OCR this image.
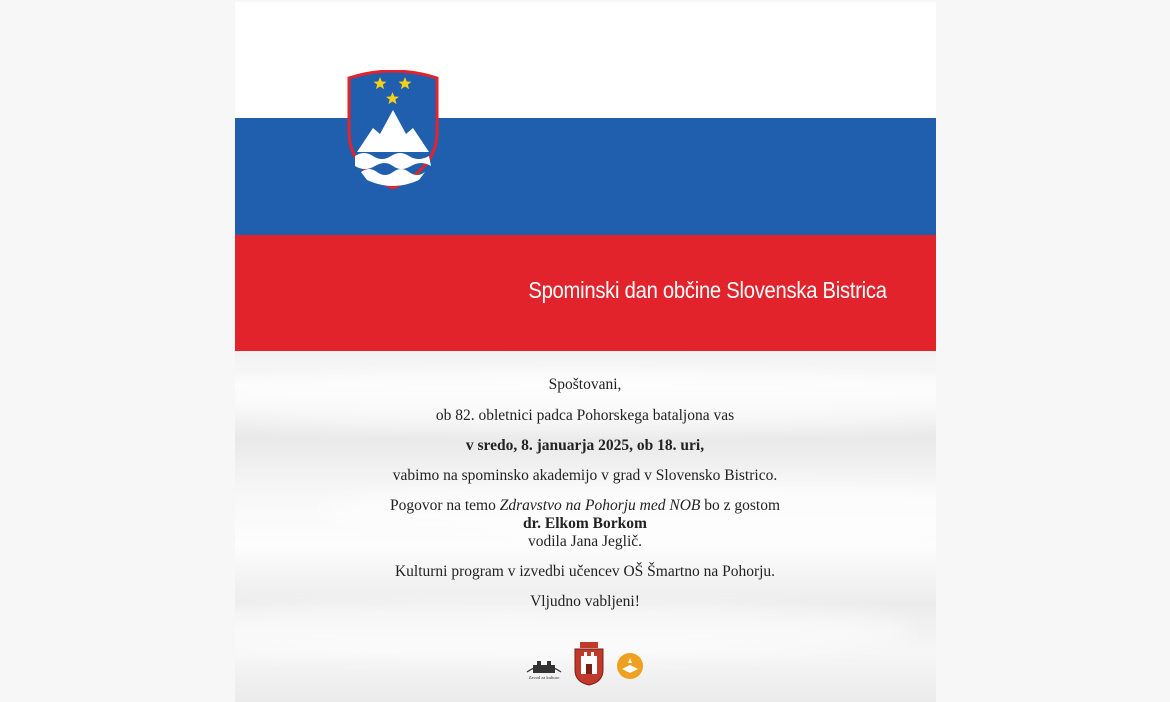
Spominski dan občine Slovenska Bistrica
Zavod za kulturo

Spoštovani,

ob 82. obletnici padca Pohorskega bataljona vas

v sredo, 8. januarja 2025, ob 18. uri,

vabimo na spominsko akademijo v grad v Slovensko Bistrico.

Pogovor na temo Zdravstvo na Pohorju med NOB bo z gostom

dr. Elkom Borkom

vodila Jana Jeglič.

Kulturni program v izvedbi učencev OŠ Šmartno na Pohorju.

Vljudno vabljeni!
